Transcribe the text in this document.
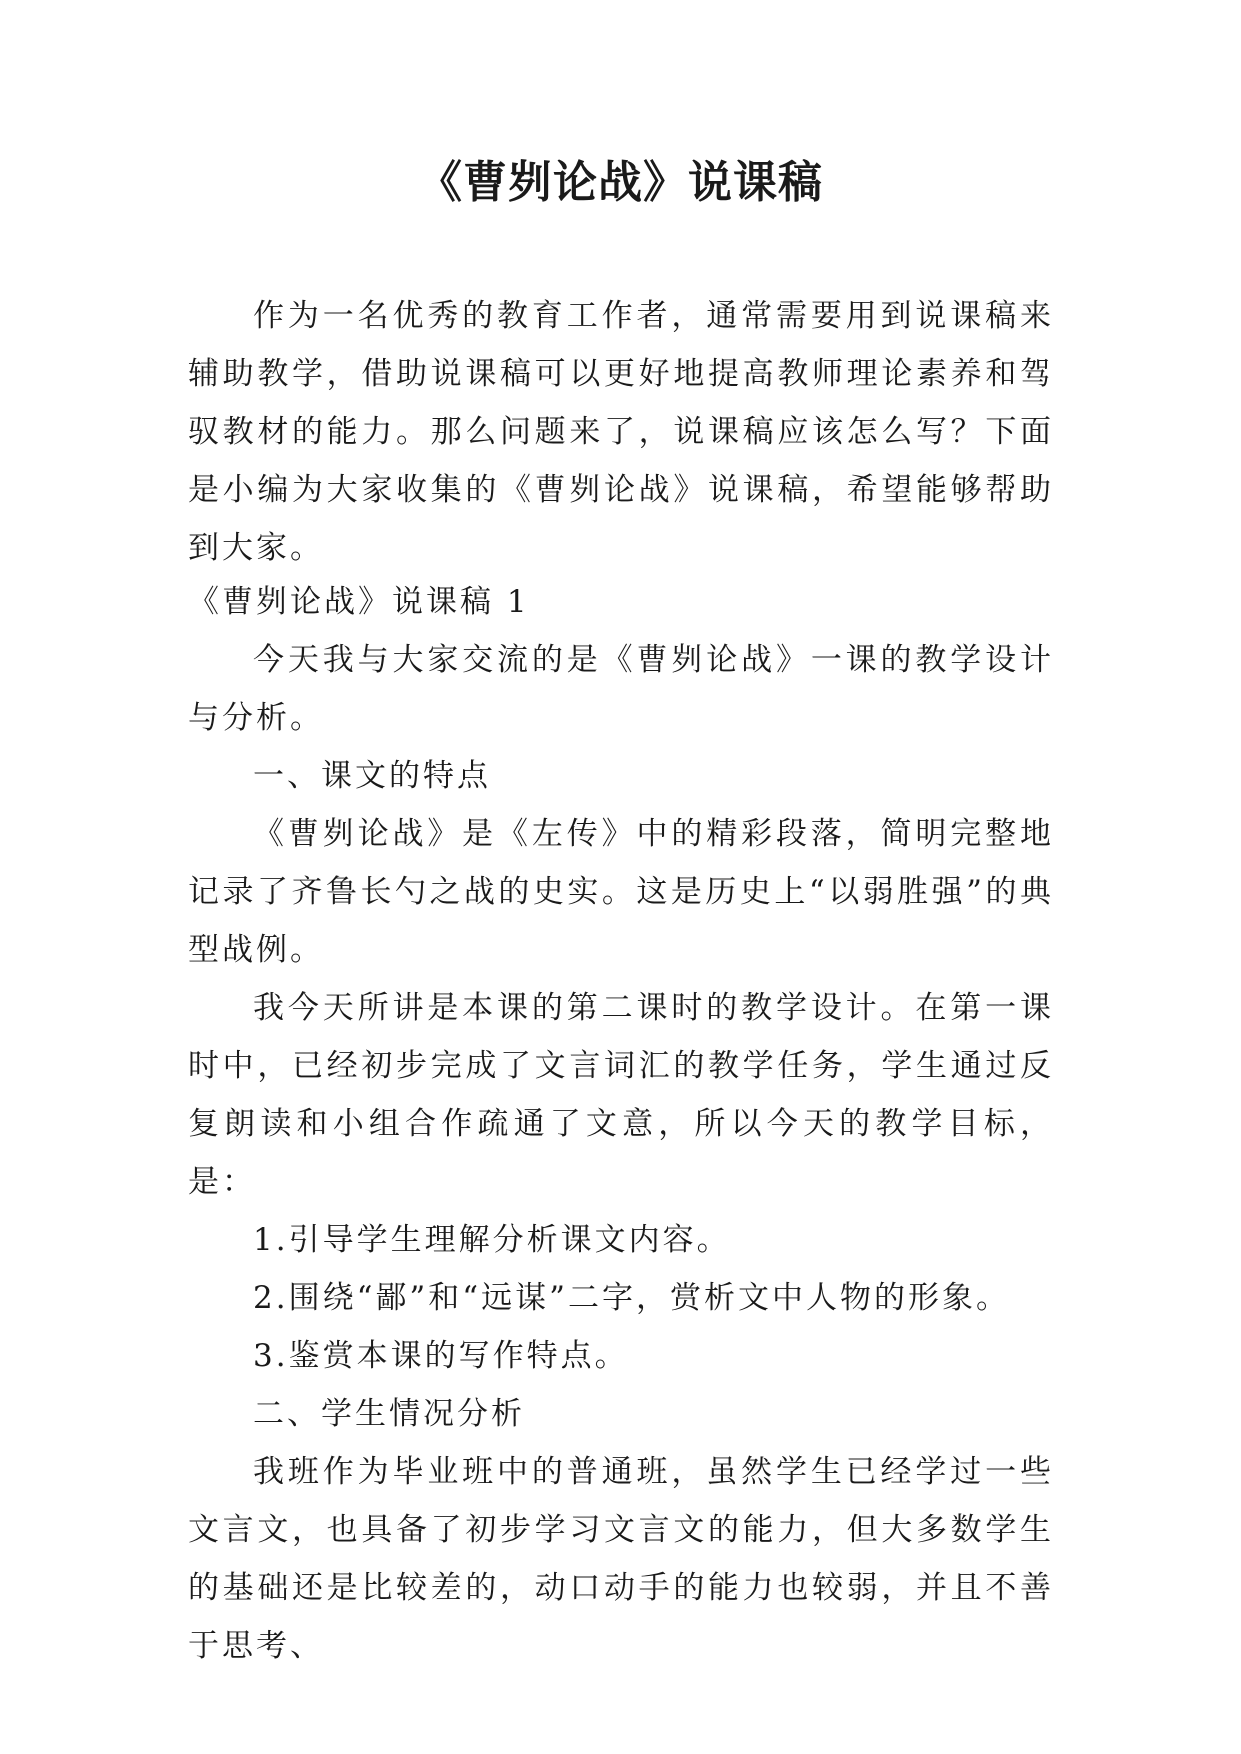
《曹刿论战》说课稿

作为一名优秀的教育工作者，通常需要用到说课稿来辅助教学，借助说课稿可以更好地提高教师理论素养和驾驭教材的能力。那么问题来了，说课稿应该怎么写？下面是小编为大家收集的《曹刿论战》说课稿，希望能够帮助到大家。

《曹刿论战》说课稿 1

今天我与大家交流的是《曹刿论战》一课的教学设计与分析。

一、课文的特点

《曹刿论战》是《左传》中的精彩段落，简明完整地记录了齐鲁长勺之战的史实。这是历史上“以弱胜强”的典型战例。

我今天所讲是本课的第二课时的教学设计。在第一课时中，已经初步完成了文言词汇的教学任务，学生通过反复朗读和小组合作疏通了文意，所以今天的教学目标，是：

1.引导学生理解分析课文内容。

2.围绕“鄙”和“远谋”二字，赏析文中人物的形象。

3.鉴赏本课的写作特点。

二、学生情况分析

我班作为毕业班中的普通班，虽然学生已经学过一些文言文，也具备了初步学习文言文的能力，但大多数学生的基础还是比较差的，动口动手的能力也较弱，并且不善于思考、
